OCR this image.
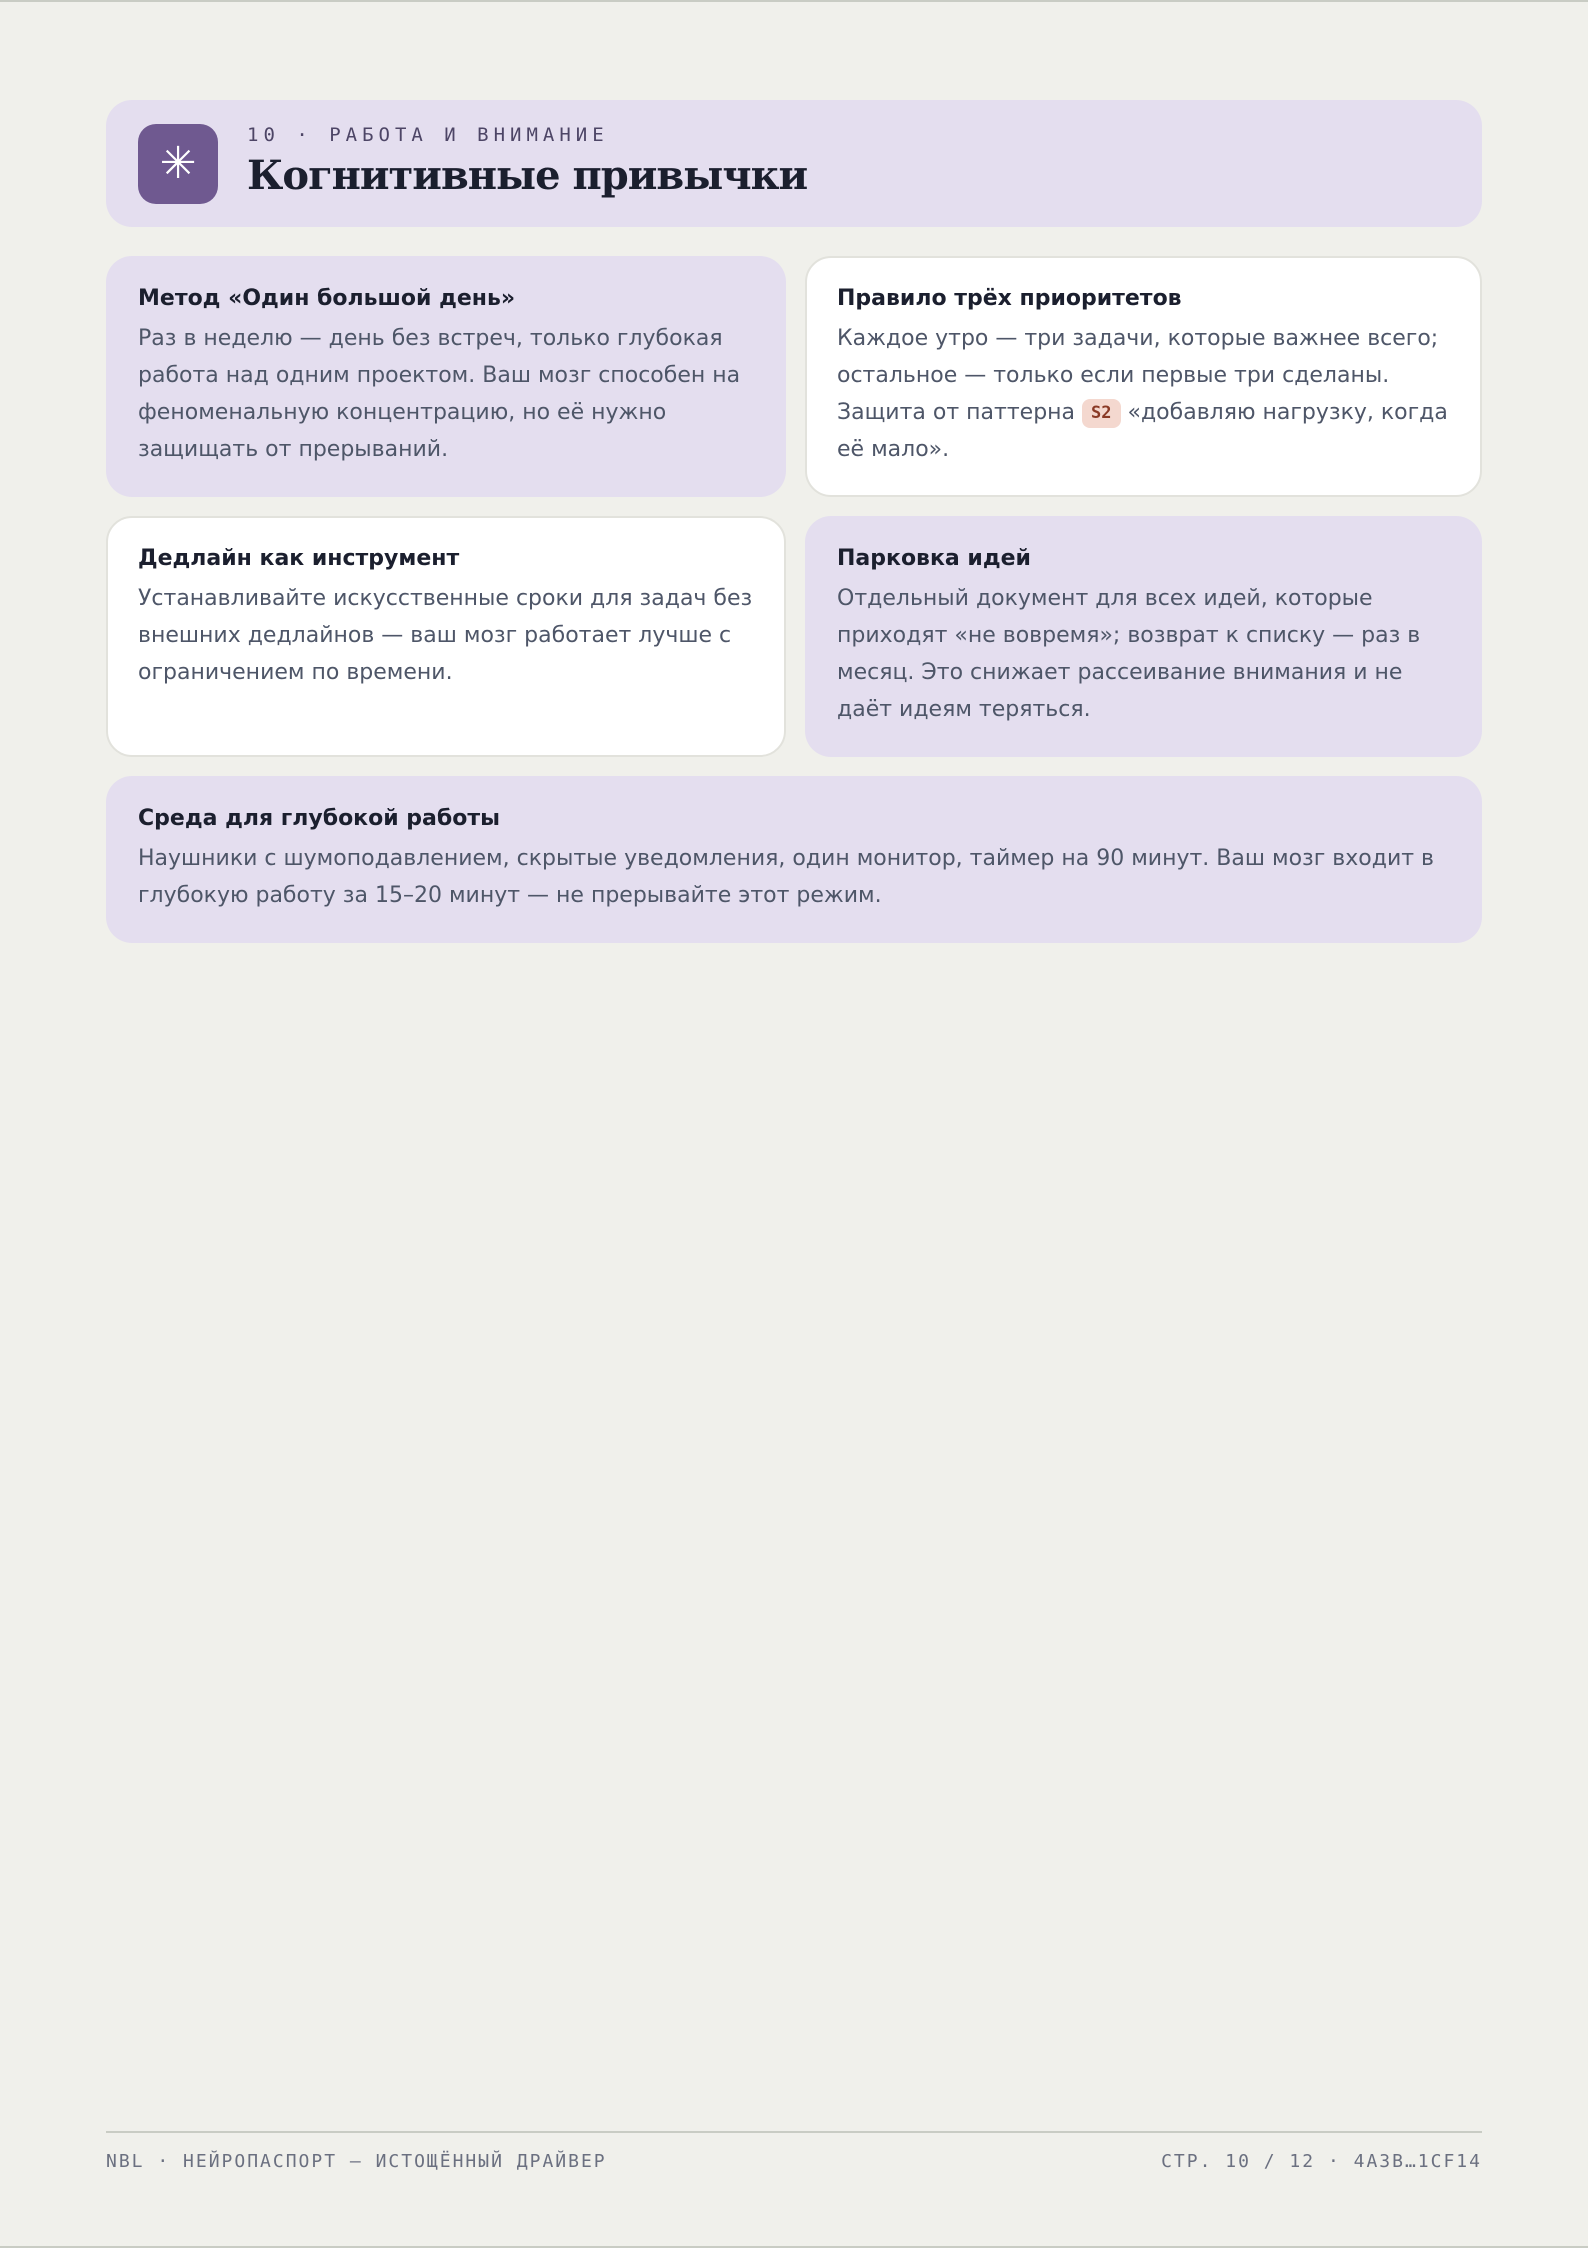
✳
10 · РАБОТА И ВНИМАНИЕ
Когнитивные привычки

Метод «Один большой день»

Раз в неделю — день без встреч, только глубокая работа над одним проектом. Ваш мозг способен на феноменальную концентрацию, но её нужно защищать от прерываний.

Правило трёх приоритетов

Каждое утро — три задачи, которые важнее всего; остальное — только если первые три сделаны. Защита от паттерна S2 «добавляю нагрузку, когда её мало».

Дедлайн как инструмент

Устанавливайте искусственные сроки для задач без внешних дедлайнов — ваш мозг работает лучше с ограничением по времени.

Парковка идей

Отдельный документ для всех идей, которые приходят «не вовремя»; возврат к списку — раз в месяц. Это снижает рассеивание внимания и не даёт идеям теряться.

Среда для глубокой работы

Наушники с шумоподавлением, скрытые уведомления, один монитор, таймер на 90 минут. Ваш мозг входит в глубокую работу за 15–20 минут — не прерывайте этот режим.

NBL · НЕЙРОПАСПОРТ — ИСТОЩЁННЫЙ ДРАЙВЕР	СТР. 10 / 12 · 4A3B…1CF14
